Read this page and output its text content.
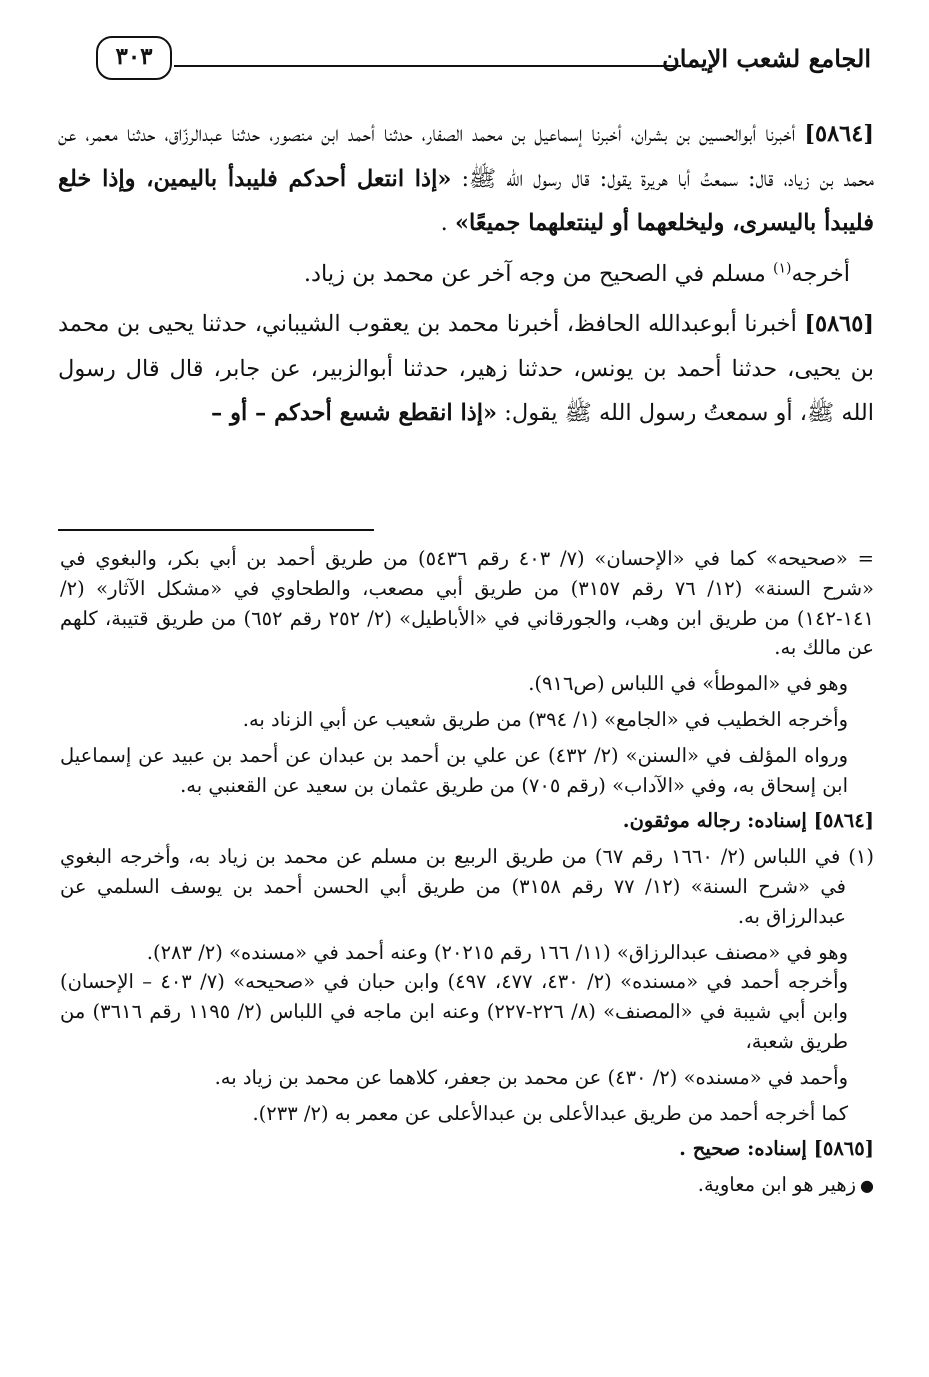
الجامع لشعب الإيمان
٣٠٣

[٥٨٦٤] أخبرنا أبوالحسين بن بشران، أخبرنا إسماعيل بن محمد الصفار، حدثنا أحمد ابن منصور، حدثنا عبدالرزّاق، حدثنا معمر، عن محمد بن زياد، قال: سمعتُ أبا هريرة يقول: قال رسول الله ﷺ: «إذا انتعل أحدكم فليبدأ باليمين، وإذا خلع فليبدأ باليسرى، وليخلعهما أو لينتعلهما جميعًا» .

أخرجه$^{(١)}$ مسلم في الصحيح من وجه آخر عن محمد بن زياد.

[٥٨٦٥] أخبرنا أبوعبدالله الحافظ، أخبرنا محمد بن يعقوب الشيباني، حدثنا يحيى بن محمد بن يحيى، حدثنا أحمد بن يونس، حدثنا زهير، حدثنا أبوالزبير، عن جابر، قال قال رسول الله ﷺ، أو سمعتُ رسول الله ﷺ يقول: «إذا انقطع شسع أحدكم – أو –

= «صحيحه» كما في «الإحسان» (٧/ ٤٠٣ رقم ٥٤٣٦) من طريق أحمد بن أبي بكر، والبغوي في «شرح السنة» (١٢/ ٧٦ رقم ٣١٥٧) من طريق أبي مصعب، والطحاوي في «مشكل الآثار» (٢/ ١٤١-١٤٢) من طريق ابن وهب، والجورقاني في «الأباطيل» (٢/ ٢٥٢ رقم ٦٥٢) من طريق قتيبة، كلهم عن مالك به.

وهو في «الموطأ» في اللباس (ص٩١٦).

وأخرجه الخطيب في «الجامع» (١/ ٣٩٤) من طريق شعيب عن أبي الزناد به.

ورواه المؤلف في «السنن» (٢/ ٤٣٢) عن علي بن أحمد بن عبدان عن أحمد بن عبيد عن إسماعيل ابن إسحاق به، وفي «الآداب» (رقم ٧٠٥) من طريق عثمان بن سعيد عن القعنبي به.

[٥٨٦٤] إسناده: رجاله موثقون.

(١) في اللباس (٢/ ١٦٦٠ رقم ٦٧) من طريق الربيع بن مسلم عن محمد بن زياد به، وأخرجه البغوي في «شرح السنة» (١٢/ ٧٧ رقم ٣١٥٨) من طريق أبي الحسن أحمد بن يوسف السلمي عن عبدالرزاق به.

وهو في «مصنف عبدالرزاق» (١١/ ١٦٦ رقم ٢٠٢١٥) وعنه أحمد في «مسنده» (٢/ ٢٨٣).

وأخرجه أحمد في «مسنده» (٢/ ٤٣٠، ٤٧٧، ٤٩٧) وابن حبان في «صحيحه» (٧/ ٤٠٣ – الإحسان) وابن أبي شيبة في «المصنف» (٨/ ٢٢٦-٢٢٧) وعنه ابن ماجه في اللباس (٢/ ١١٩٥ رقم ٣٦١٦) من طريق شعبة،

وأحمد في «مسنده» (٢/ ٤٣٠) عن محمد بن جعفر، كلاهما عن محمد بن زياد به.

كما أخرجه أحمد من طريق عبدالأعلى بن عبدالأعلى عن معمر به (٢/ ٢٣٣).

[٥٨٦٥] إسناده: صحيح .

●زهير هو ابن معاوية.
